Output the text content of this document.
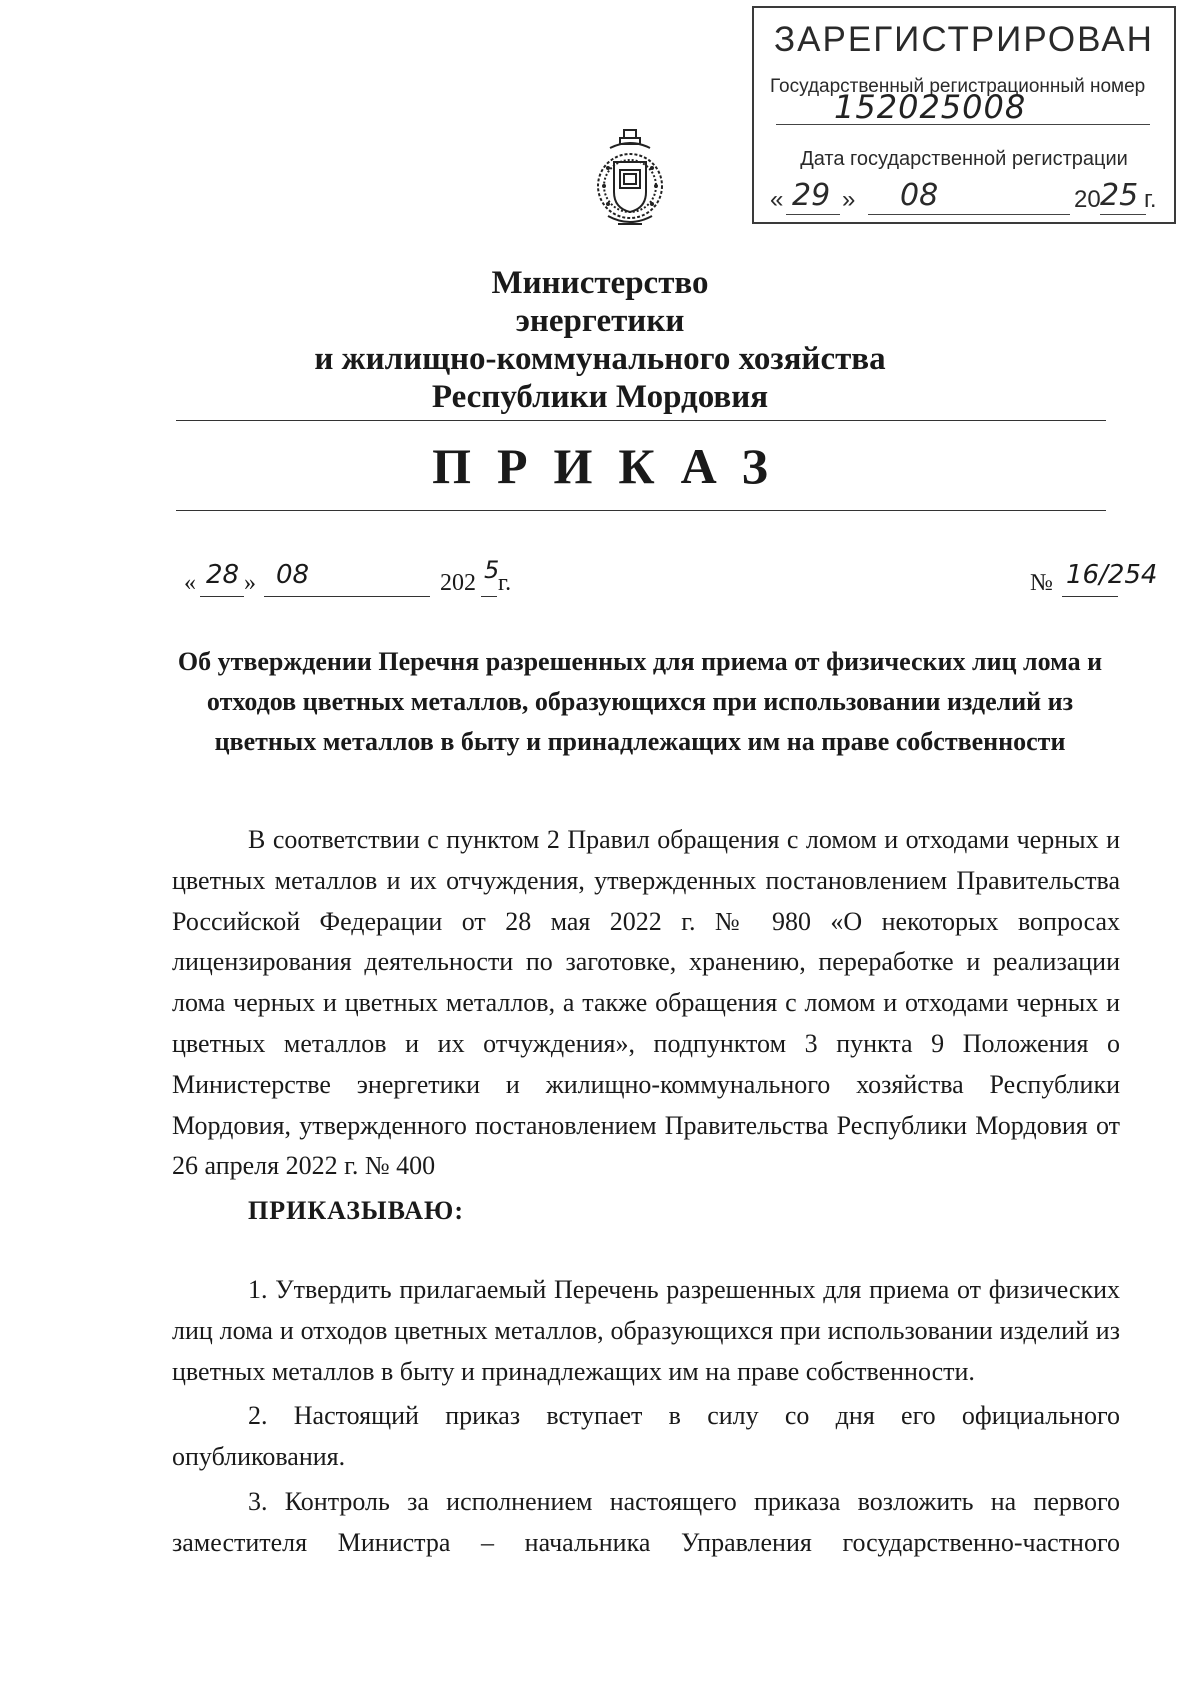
ЗАРЕГИСТРИРОВАН
Государственный регистрационный номер
152025008
Дата государственной регистрации
« 29 » 08	20 25 г.
Министерство
энергетики
и жилищно-коммунального хозяйства
Республики Мордовия
ПРИКАЗ
« 28 » 08	202 5
г.	№ 16/254
Об утверждении Перечня разрешенных для приема от физических лиц лома и отходов цветных металлов, образующихся при использовании изделий из цветных металлов в быту и принадлежащих им на праве собственности

В соответствии с пунктом 2 Правил обращения с ломом и отходами черных и цветных металлов и их отчуждения, утвержденных постановлением Правительства Российской Федерации от 28 мая 2022 г. № 980 «О некоторых вопросах лицензирования деятельности по заготовке, хранению, переработке и реализации лома черных и цветных металлов, а также обращения с ломом и отходами черных и цветных металлов и их отчуждения», подпунктом 3 пункта 9 Положения о Министерстве энергетики и жилищно-коммунального хозяйства Республики Мордовия, утвержденного постановлением Правительства Республики Мордовия от 26 апреля 2022 г. № 400

ПРИКАЗЫВАЮ:

1. Утвердить прилагаемый Перечень разрешенных для приема от физических лиц лома и отходов цветных металлов, образующихся при использовании изделий из цветных металлов в быту и принадлежащих им на праве собственности.

2. Настоящий приказ вступает в силу со дня его официального опубликования.

3. Контроль за исполнением настоящего приказа возложить на первого заместителя Министра – начальника Управления государственно-частного
